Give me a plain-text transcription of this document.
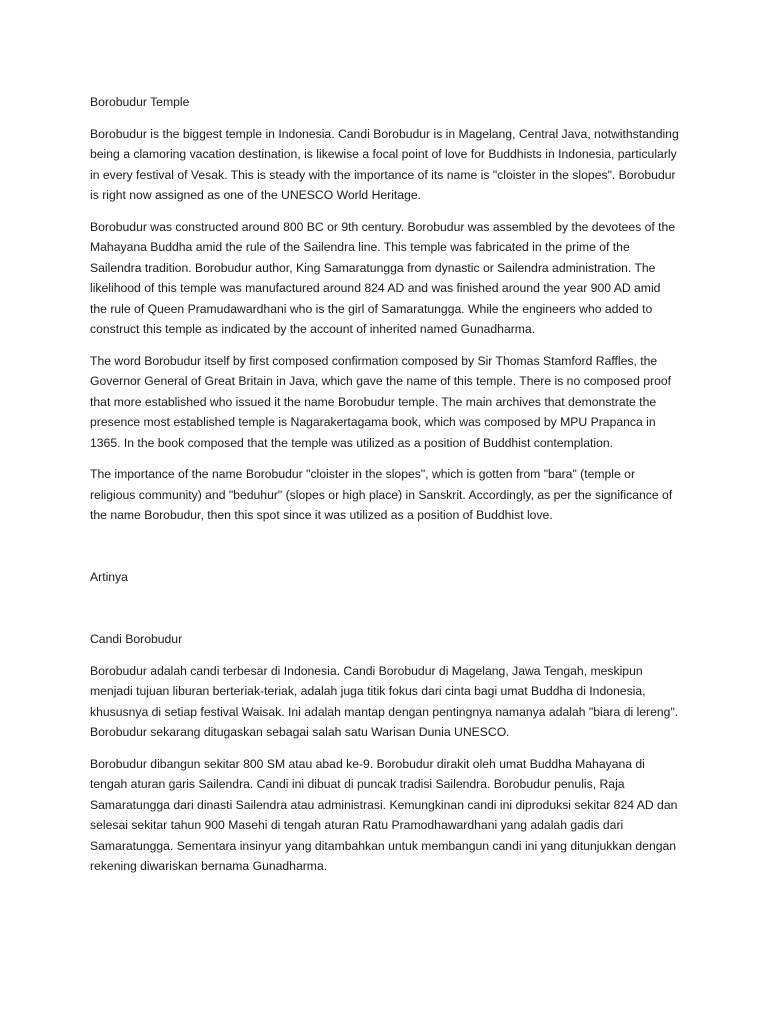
Borobudur Temple

Borobudur is the biggest temple in Indonesia. Candi Borobudur is in Magelang, Central Java, notwithstanding being a clamoring vacation destination, is likewise a focal point of love for Buddhists in Indonesia, particularly in every festival of Vesak. This is steady with the importance of its name is "cloister in the slopes". Borobudur is right now assigned as one of the UNESCO World Heritage.

Borobudur was constructed around 800 BC or 9th century. Borobudur was assembled by the devotees of the Mahayana Buddha amid the rule of the Sailendra line. This temple was fabricated in the prime of the Sailendra tradition. Borobudur author, King Samaratungga from dynastic or Sailendra administration. The likelihood of this temple was manufactured around 824 AD and was finished around the year 900 AD amid the rule of Queen Pramudawardhani who is the girl of Samaratungga. While the engineers who added to construct this temple as indicated by the account of inherited named Gunadharma.

The word Borobudur itself by first composed confirmation composed by Sir Thomas Stamford Raffles, the Governor General of Great Britain in Java, which gave the name of this temple. There is no composed proof that more established who issued it the name Borobudur temple. The main archives that demonstrate the presence most established temple is Nagarakertagama book, which was composed by MPU Prapanca in 1365. In the book composed that the temple was utilized as a position of Buddhist contemplation.

The importance of the name Borobudur "cloister in the slopes", which is gotten from "bara" (temple or religious community) and "beduhur" (slopes or high place) in Sanskrit. Accordingly, as per the significance of the name Borobudur, then this spot since it was utilized as a position of Buddhist love.

Artinya
Candi Borobudur

Borobudur adalah candi terbesar di Indonesia. Candi Borobudur di Magelang, Jawa Tengah, meskipun menjadi tujuan liburan berteriak-teriak, adalah juga titik fokus dari cinta bagi umat Buddha di Indonesia, khususnya di setiap festival Waisak. Ini adalah mantap dengan pentingnya namanya adalah "biara di lereng". Borobudur sekarang ditugaskan sebagai salah satu Warisan Dunia UNESCO.

Borobudur dibangun sekitar 800 SM atau abad ke-9. Borobudur dirakit oleh umat Buddha Mahayana di tengah aturan garis Sailendra. Candi ini dibuat di puncak tradisi Sailendra. Borobudur penulis, Raja Samaratungga dari dinasti Sailendra atau administrasi. Kemungkinan candi ini diproduksi sekitar 824 AD dan selesai sekitar tahun 900 Masehi di tengah aturan Ratu Pramodhawardhani yang adalah gadis dari Samaratungga. Sementara insinyur yang ditambahkan untuk membangun candi ini yang ditunjukkan dengan rekening diwariskan bernama Gunadharma.
